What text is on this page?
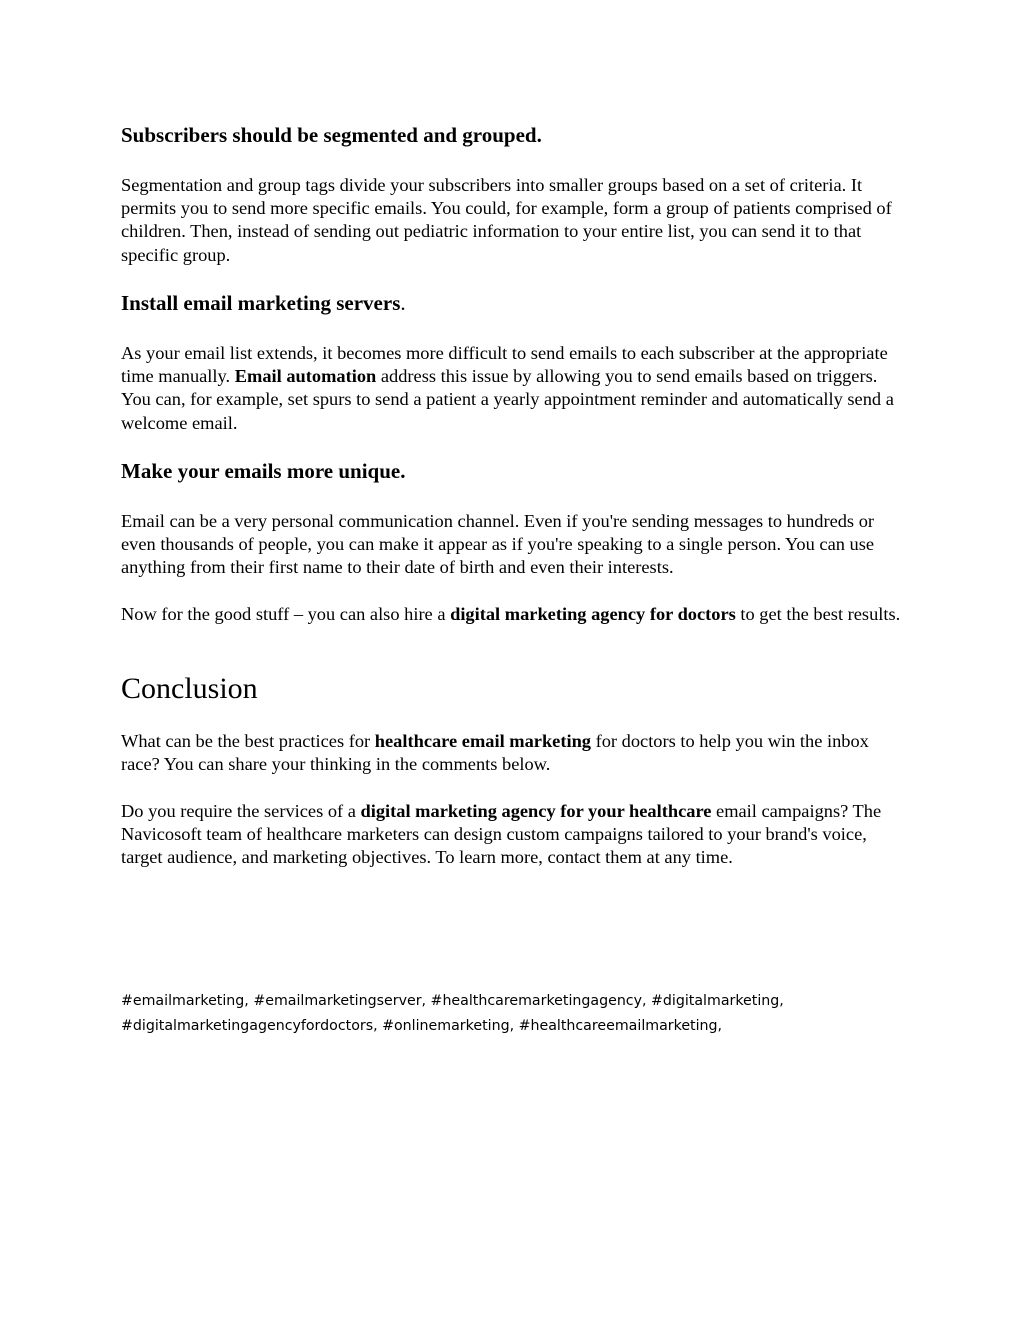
Subscribers should be segmented and grouped.

Segmentation and group tags divide your subscribers into smaller groups based on a set of criteria. It permits you to send more specific emails. You could, for example, form a group of patients comprised of children. Then, instead of sending out pediatric information to your entire list, you can send it to that specific group.

Install email marketing servers.

As your email list extends, it becomes more difficult to send emails to each subscriber at the appropriate time manually. Email automation address this issue by allowing you to send emails based on triggers. You can, for example, set spurs to send a patient a yearly appointment reminder and automatically send a welcome email.

Make your emails more unique.

Email can be a very personal communication channel. Even if you're sending messages to hundreds or even thousands of people, you can make it appear as if you're speaking to a single person. You can use anything from their first name to their date of birth and even their interests.

Now for the good stuff – you can also hire a digital marketing agency for doctors to get the best results.

Conclusion

What can be the best practices for healthcare email marketing for doctors to help you win the inbox race? You can share your thinking in the comments below.

Do you require the services of a digital marketing agency for your healthcare email campaigns? The Navicosoft team of healthcare marketers can design custom campaigns tailored to your brand's voice, target audience, and marketing objectives. To learn more, contact them at any time.

#emailmarketing, #emailmarketingserver, #healthcaremarketingagency, #digitalmarketing,
#digitalmarketingagencyfordoctors, #onlinemarketing, #healthcareemailmarketing,
